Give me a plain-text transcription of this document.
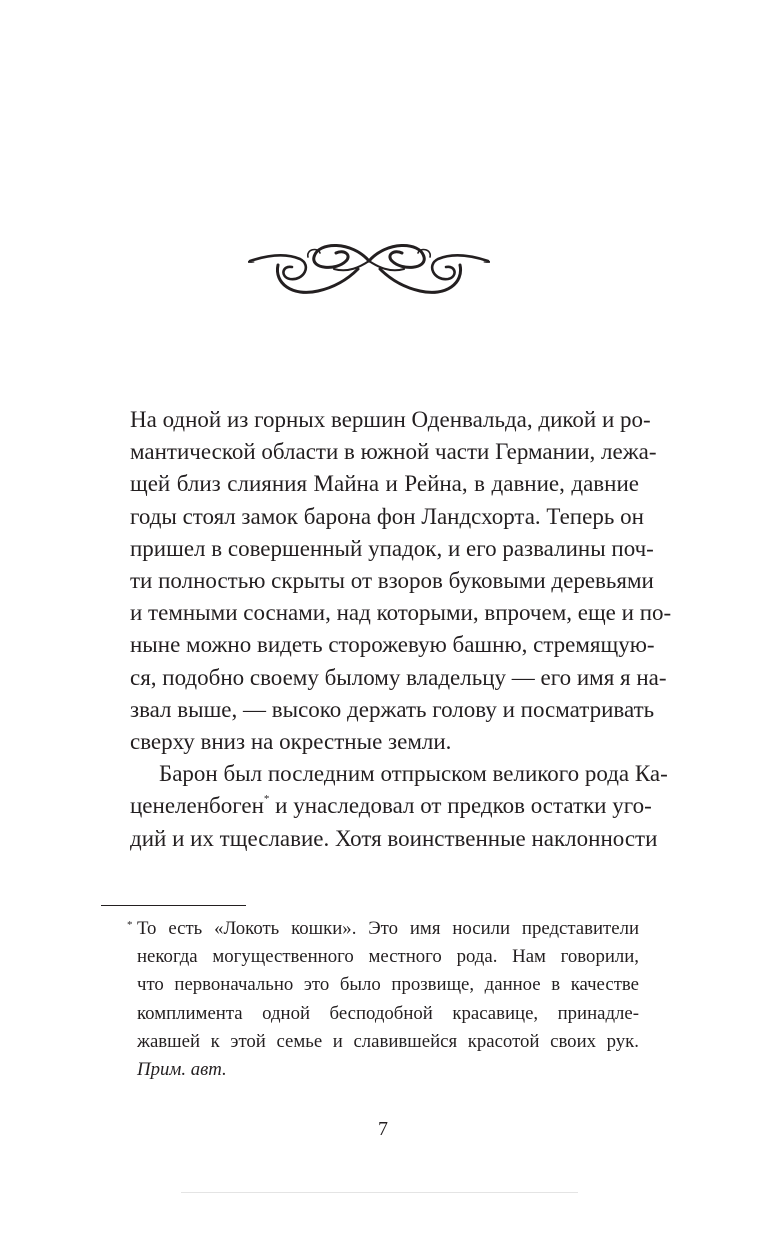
На одной из горных вершин Оденвальда, дикой и ро-
мантической области в южной части Германии, лежа-
щей близ слияния Майна и Рейна, в давние, давние
годы стоял замок барона фон Ландсхорта. Теперь он
пришел в совершенный упадок, и его развалины поч-
ти полностью скрыты от взоров буковыми деревьями
и темными соснами, над которыми, впрочем, еще и по-
ныне можно видеть сторожевую башню, стремящую-
ся, подобно своему былому владельцу — его имя я на-
звал выше, — высоко держать голову и посматривать
сверху вниз на окрестные земли.
Барон был последним отпрыском великого рода Ка-
ценеленбоген* и унаследовал от предков остатки уго-
дий и их тщеславие. Хотя воинственные наклонности
* То есть «Локоть кошки». Это имя носили представители
некогда могущественного местного рода. Нам говорили,
что первоначально это было прозвище, данное в качестве
комплимента одной бесподобной красавице, принадле-
жавшей к этой семье и славившейся красотой своих рук.
Прим. авт.
7
